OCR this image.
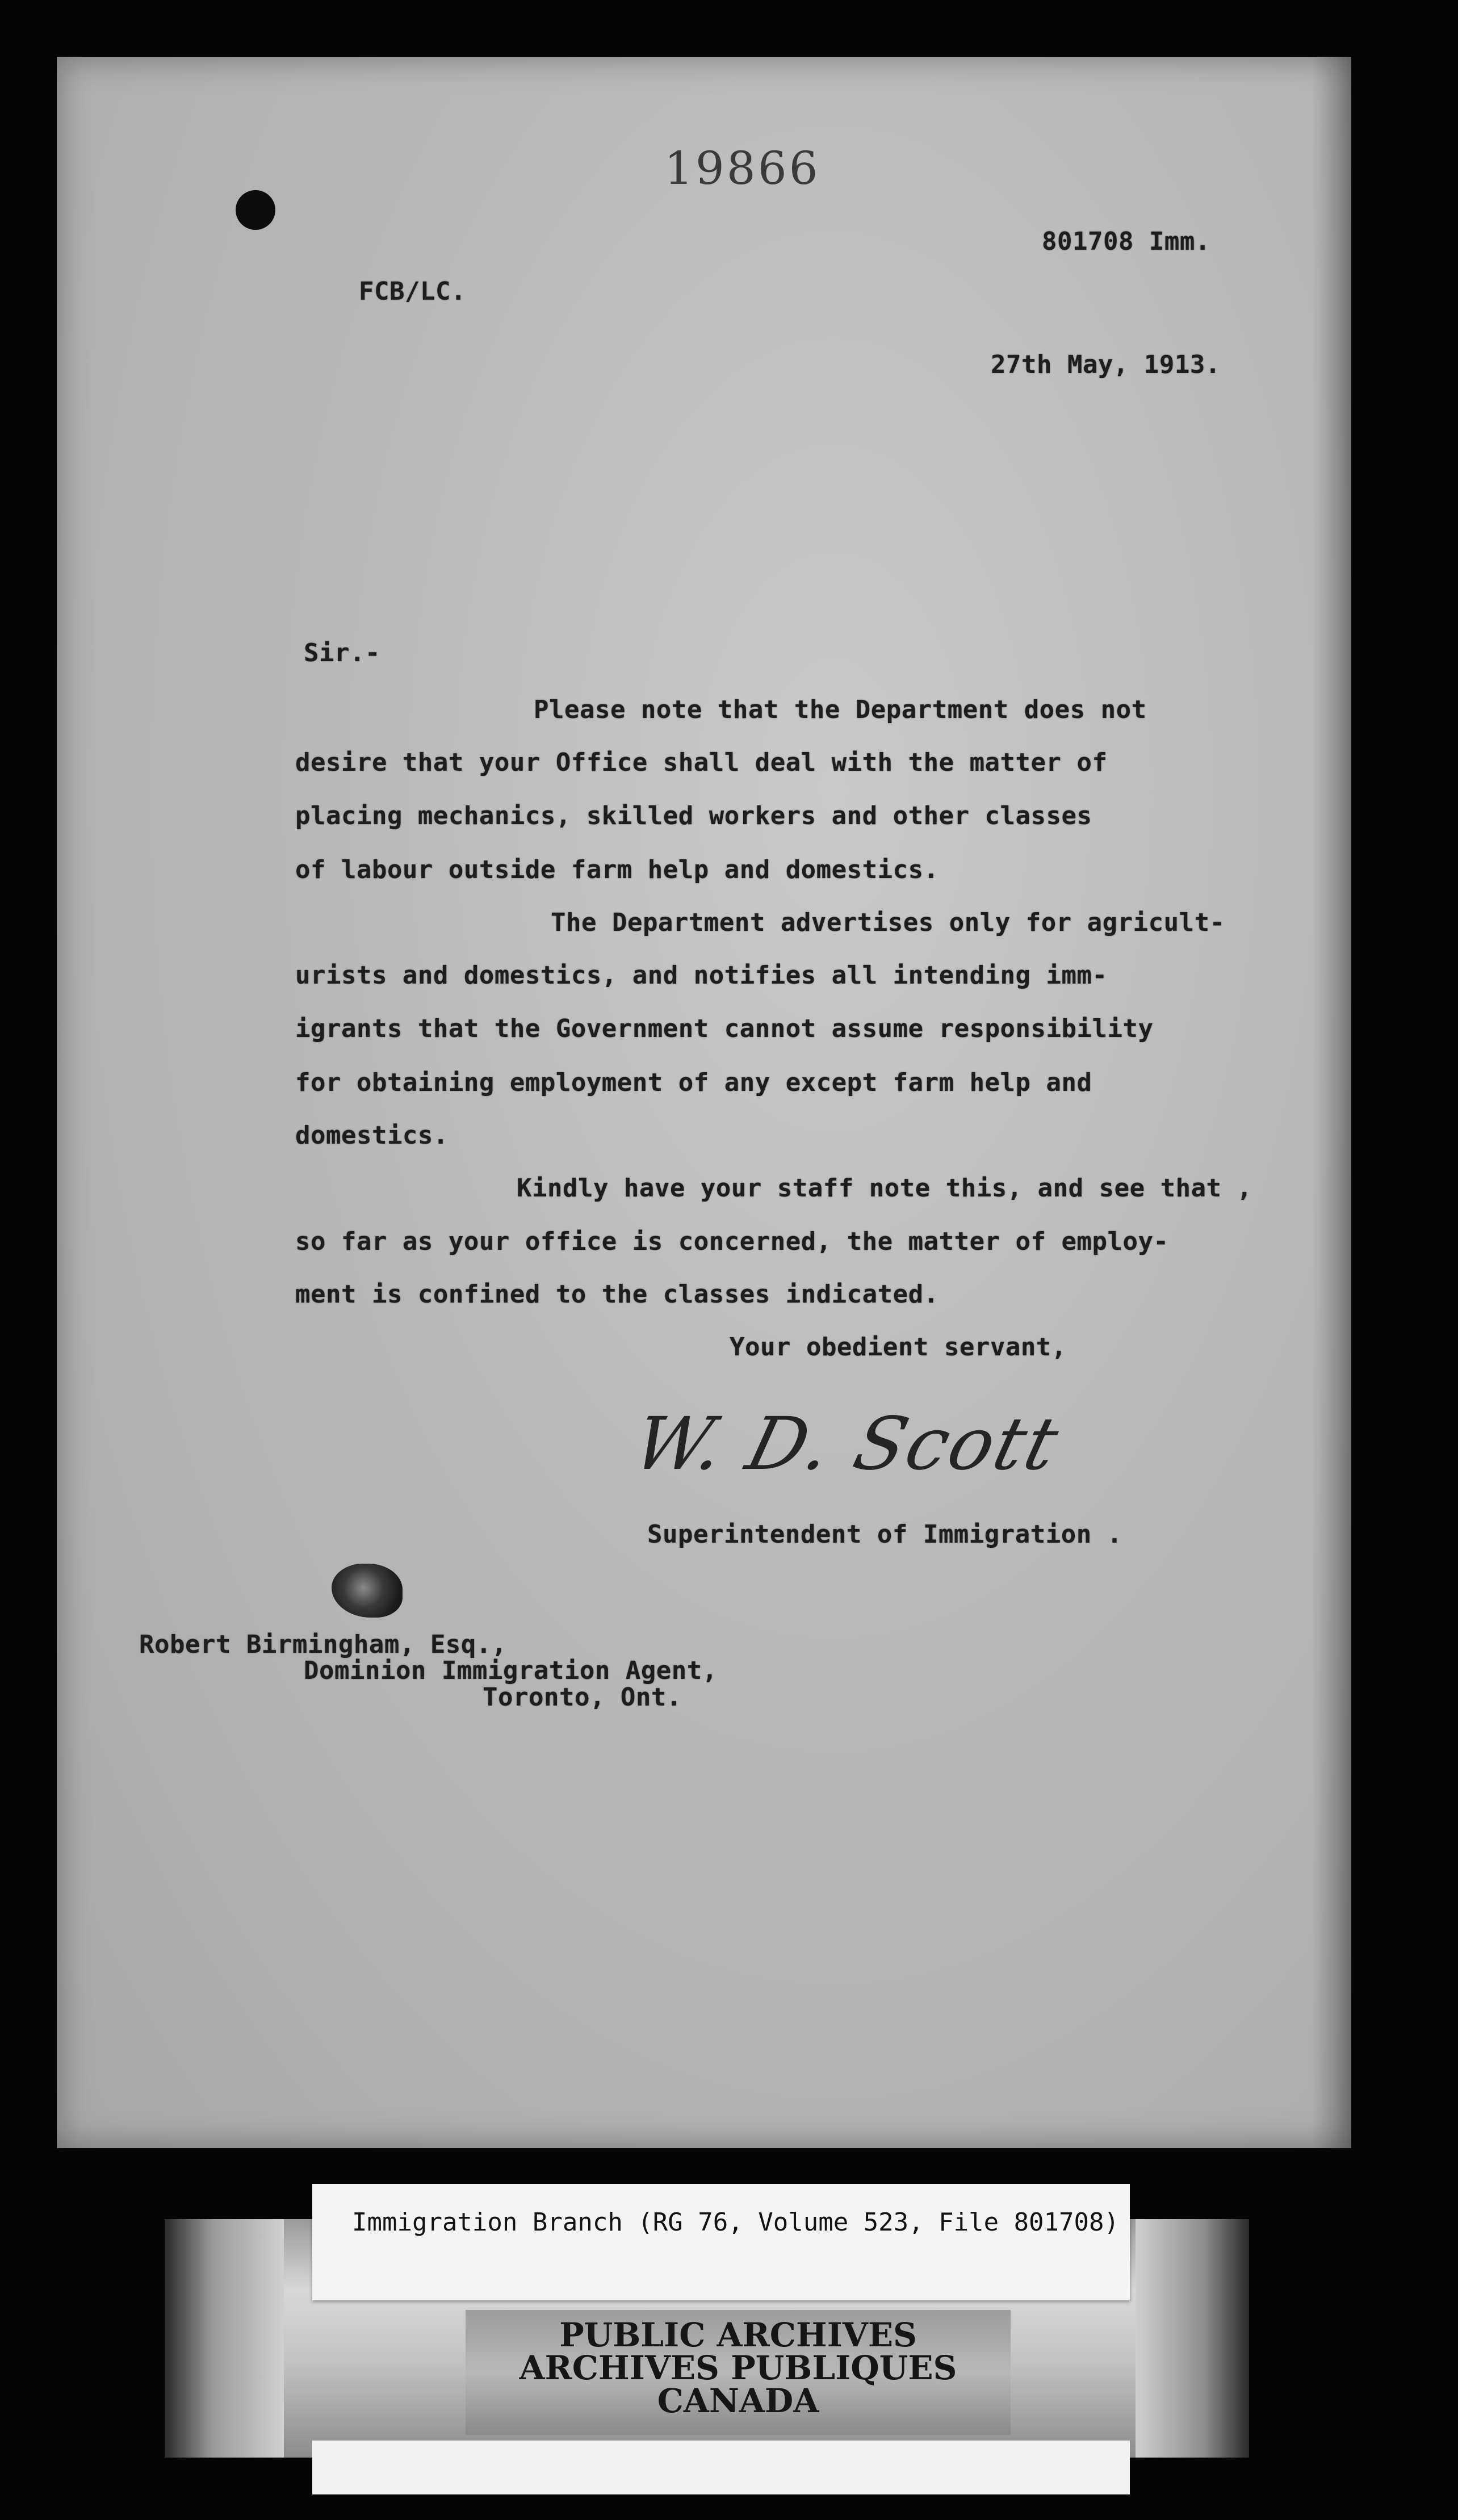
19866
801708 Imm.
FCB/LC.
27th May, 1913.
Sir.-
Please note that the Department does not
desire that your Office shall deal with the matter of
placing mechanics, skilled workers and other classes
of labour outside farm help and domestics.
The Department advertises only for agricult-
urists and domestics, and notifies all intending imm-
igrants that the Government cannot assume responsibility
for obtaining employment of any except farm help and
domestics.
Kindly have your staff note this, and see that ,
so far as your office is concerned, the matter of employ-
ment is confined to the classes indicated.
Your obedient servant,
W. D. Scott
Superintendent of Immigration .
Robert Birmingham, Esq.,
Dominion Immigration Agent,
Toronto, Ont.
Immigration Branch (RG 76, Volume 523, File 801708)
PUBLIC ARCHIVES
ARCHIVES PUBLIQUES
CANADA
